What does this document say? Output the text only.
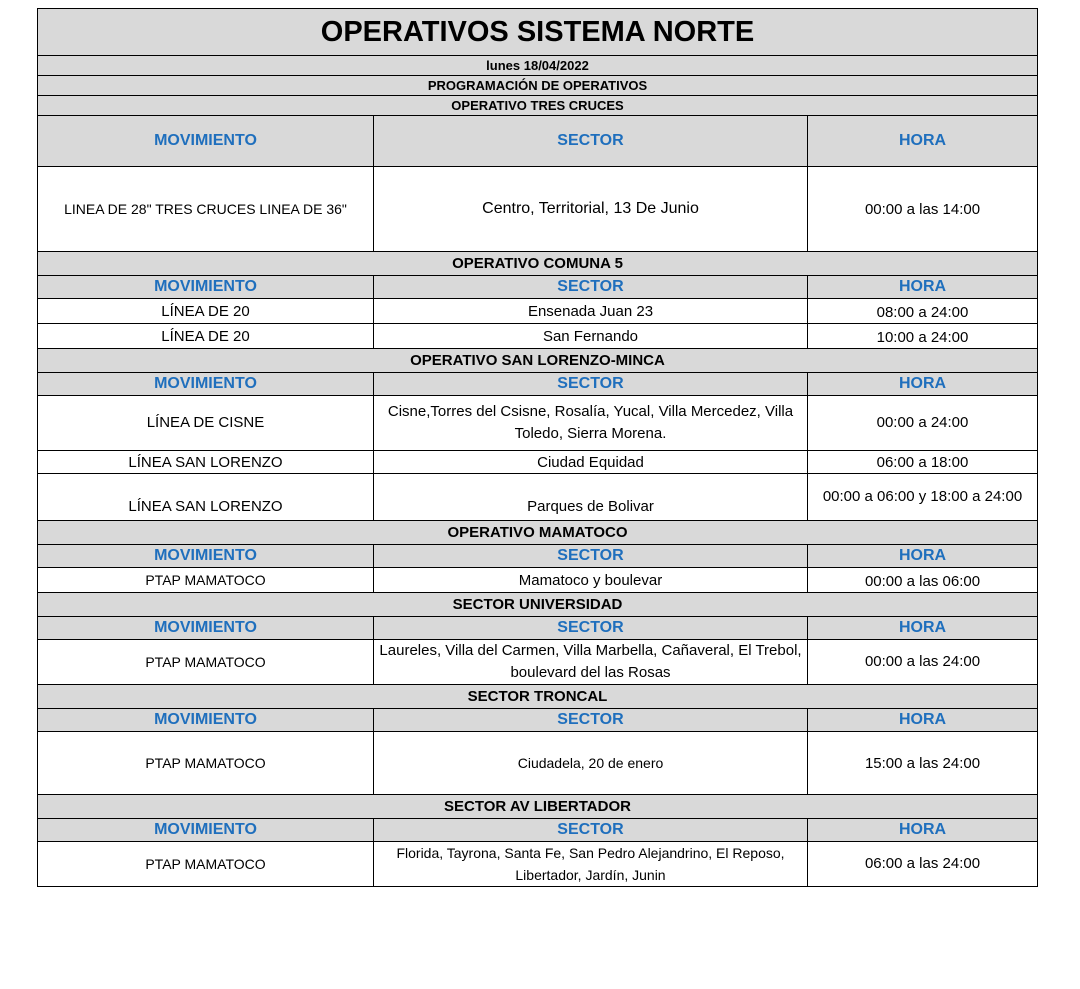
OPERATIVOS SISTEMA NORTE		
lunes 18/04/2022		
PROGRAMACIÓN DE OPERATIVOS		
OPERATIVO TRES CRUCES		
MOVIMIENTO	SECTOR	HORA
LINEA DE 28" TRES CRUCES LINEA DE 36"	Centro, Territorial, 13 De Junio	00:00 a las 14:00
OPERATIVO COMUNA 5		
MOVIMIENTO	SECTOR	HORA
LÍNEA DE 20	Ensenada Juan 23	08:00 a 24:00
LÍNEA DE 20	San Fernando	10:00 a 24:00
OPERATIVO SAN LORENZO-MINCA		
MOVIMIENTO	SECTOR	HORA
LÍNEA DE CISNE	Cisne,Torres del Csisne, Rosalía, Yucal, Villa Mercedez, Villa Toledo, Sierra Morena.	00:00 a 24:00
LÍNEA SAN LORENZO	Ciudad Equidad	06:00 a 18:00
LÍNEA SAN LORENZO	Parques de Bolivar	00:00 a 06:00 y 18:00 a 24:00
OPERATIVO MAMATOCO		
MOVIMIENTO	SECTOR	HORA
PTAP MAMATOCO	Mamatoco y boulevar	00:00 a las 06:00
SECTOR UNIVERSIDAD		
MOVIMIENTO	SECTOR	HORA
PTAP MAMATOCO	Laureles, Villa del Carmen, Villa Marbella, Cañaveral, El Trebol, boulevard del las Rosas	00:00 a las 24:00
SECTOR TRONCAL		
MOVIMIENTO	SECTOR	HORA
PTAP MAMATOCO	Ciudadela, 20 de enero	15:00 a las 24:00
SECTOR AV LIBERTADOR		
MOVIMIENTO	SECTOR	HORA
PTAP MAMATOCO	Florida, Tayrona, Santa Fe, San Pedro Alejandrino, El Reposo, Libertador, Jardín, Junin	06:00 a las 24:00
